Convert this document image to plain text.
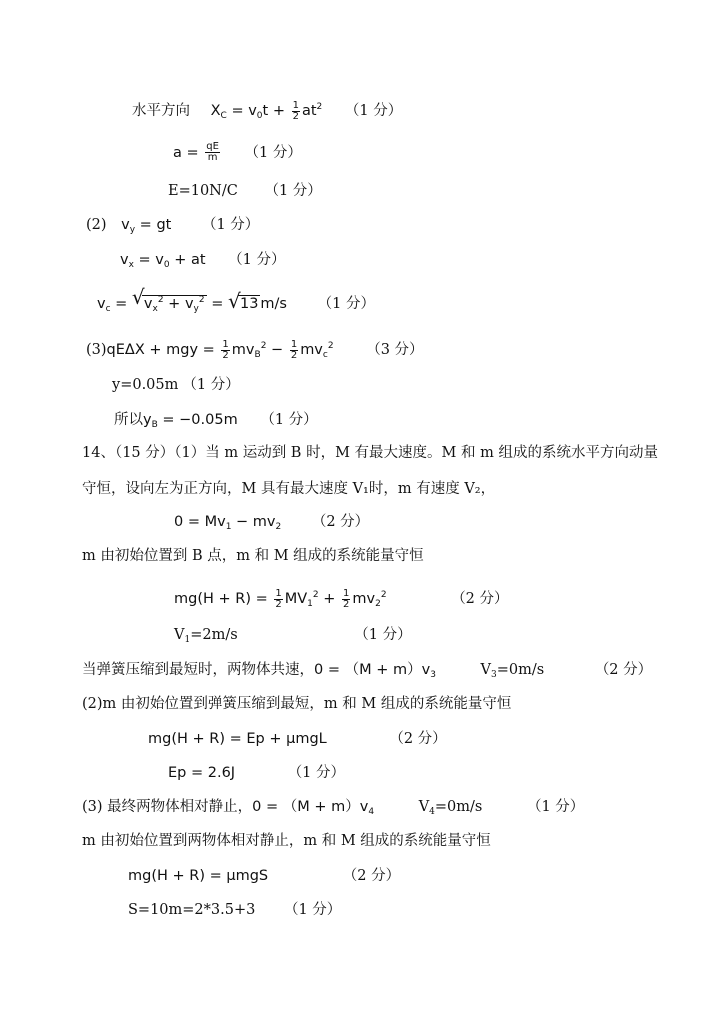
水平方向 $X_C = v_0t + \frac{1}{2} at^2$ （1 分）
$a = \frac{qE}{m} (1$ 分）
E=10N/C （1 分）
(2) $v_y$ = gt （1 分）
$v_x = v_0$ + at （1 分）
$v_c$ = √ $v_x^2 + v_y^2$ = √ 13 m/s （1 分）
(3)qEΔX + mgy = $\frac{1}{2} mv_B^2 - \frac{1}{2} mv_c^2$ （3 分）
y=0.05m （1 分）
所以$y_B = -0.05m$ （1 分）
14、（15 分）（1）当 m 运动到 B 时，M 有最大速度。M 和 m 组成的系统水平方向动量
守恒，设向左为正方向，M 具有最大速度 V₁时，m 有速度 V₂，
$0 = Mv_1 - mv_2$ （2 分）
m 由初始位置到 B 点，m 和 M 组成的系统能量守恒
$mg(H + R) = \frac{1}{2} MV_1^2 + \frac{1}{2} mv_2^2$	（2 分）
$V_1=2m/s$	（1 分）
当弹簧压缩到最短时，两物体共速，$0 = (M + m)v_3$	$V_3=0m/s$	（2 分）
(2)m 由初始位置到弹簧压缩到最短，m 和 M 组成的系统能量守恒
mg(H + R) = Ep + μmgL	（2 分）
Ep = 2.6J	（1 分）
(3) 最终两物体相对静止，$0 = (M + m)v_4$	$V_4=0m/s$	（1 分）
m 由初始位置到两物体相对静止，m 和 M 组成的系统能量守恒
mg(H + R) = μmgS	（2 分）
S=10m=2*3.5+3 （1 分）
